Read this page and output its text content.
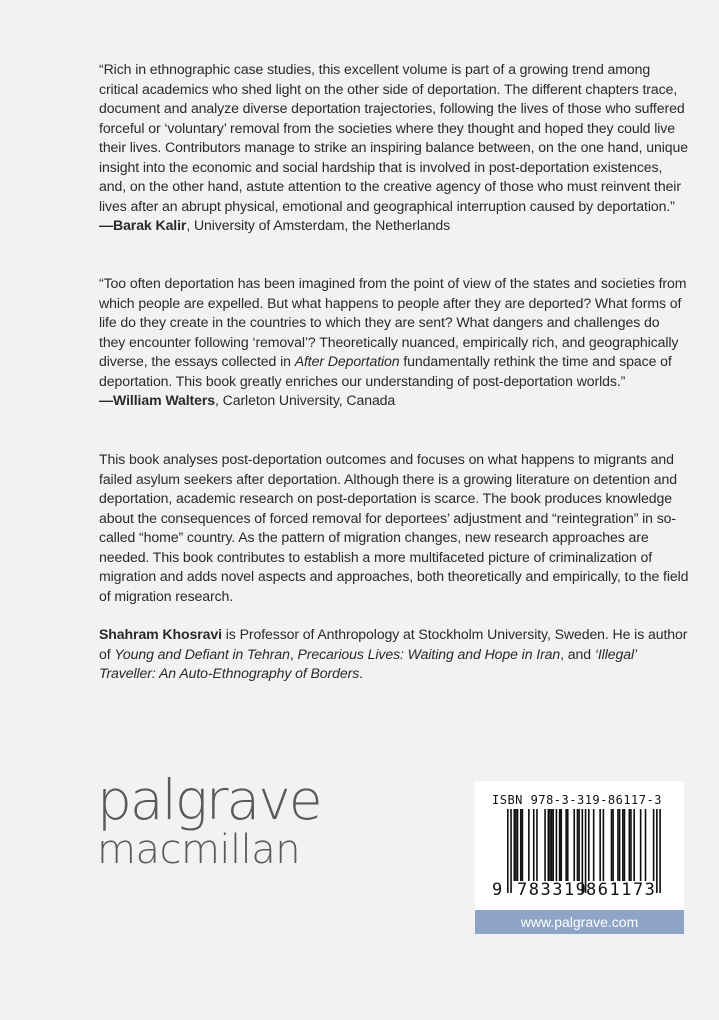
“Rich in ethnographic case studies, this excellent volume is part of a growing trend among critical academics who shed light on the other side of deportation. The different chapters trace, document and analyze diverse deportation trajectories, following the lives of those who suffered forceful or ‘voluntary’ removal from the societies where they thought and hoped they could live their lives. Contributors manage to strike an inspiring balance between, on the one hand, unique insight into the economic and social hardship that is involved in post-deportation existences, and, on the other hand, astute attention to the creative agency of those who must reinvent their lives after an abrupt physical, emotional and geographical interruption caused by deportation.”

—Barak Kalir, University of Amsterdam, the Netherlands

“Too often deportation has been imagined from the point of view of the states and societies from which people are expelled. But what happens to people after they are deported? What forms of life do they create in the countries to which they are sent? What dangers and challenges do they encounter following ‘removal’? Theoretically nuanced, empirically rich, and geographically diverse, the essays collected in After Deportation fundamentally rethink the time and space of deportation. This book greatly enriches our understanding of post-deportation worlds.”

—William Walters, Carleton University, Canada

This book analyses post-deportation outcomes and focuses on what happens to migrants and failed asylum seekers after deportation. Although there is a growing literature on detention and deportation, academic research on post-deportation is scarce. The book produces knowledge about the consequences of forced removal for deportees’ adjustment and “reintegration” in so-called “home” country. As the pattern of migration changes, new research approaches are needed. This book contributes to establish a more multifaceted picture of criminalization of migration and adds novel aspects and approaches, both theoretically and empirically, to the field of migration research.

Shahram Khosravi is Professor of Anthropology at Stockholm University, Sweden. He is author of Young and Defiant in Tehran, Precarious Lives: Waiting and Hope in Iran, and ‘Illegal’ Traveller: An Auto-Ethnography of Borders.

palgrave
macmillan
ISBN 978-3-319-86117-3
9 783319
861173
www.palgrave.com
